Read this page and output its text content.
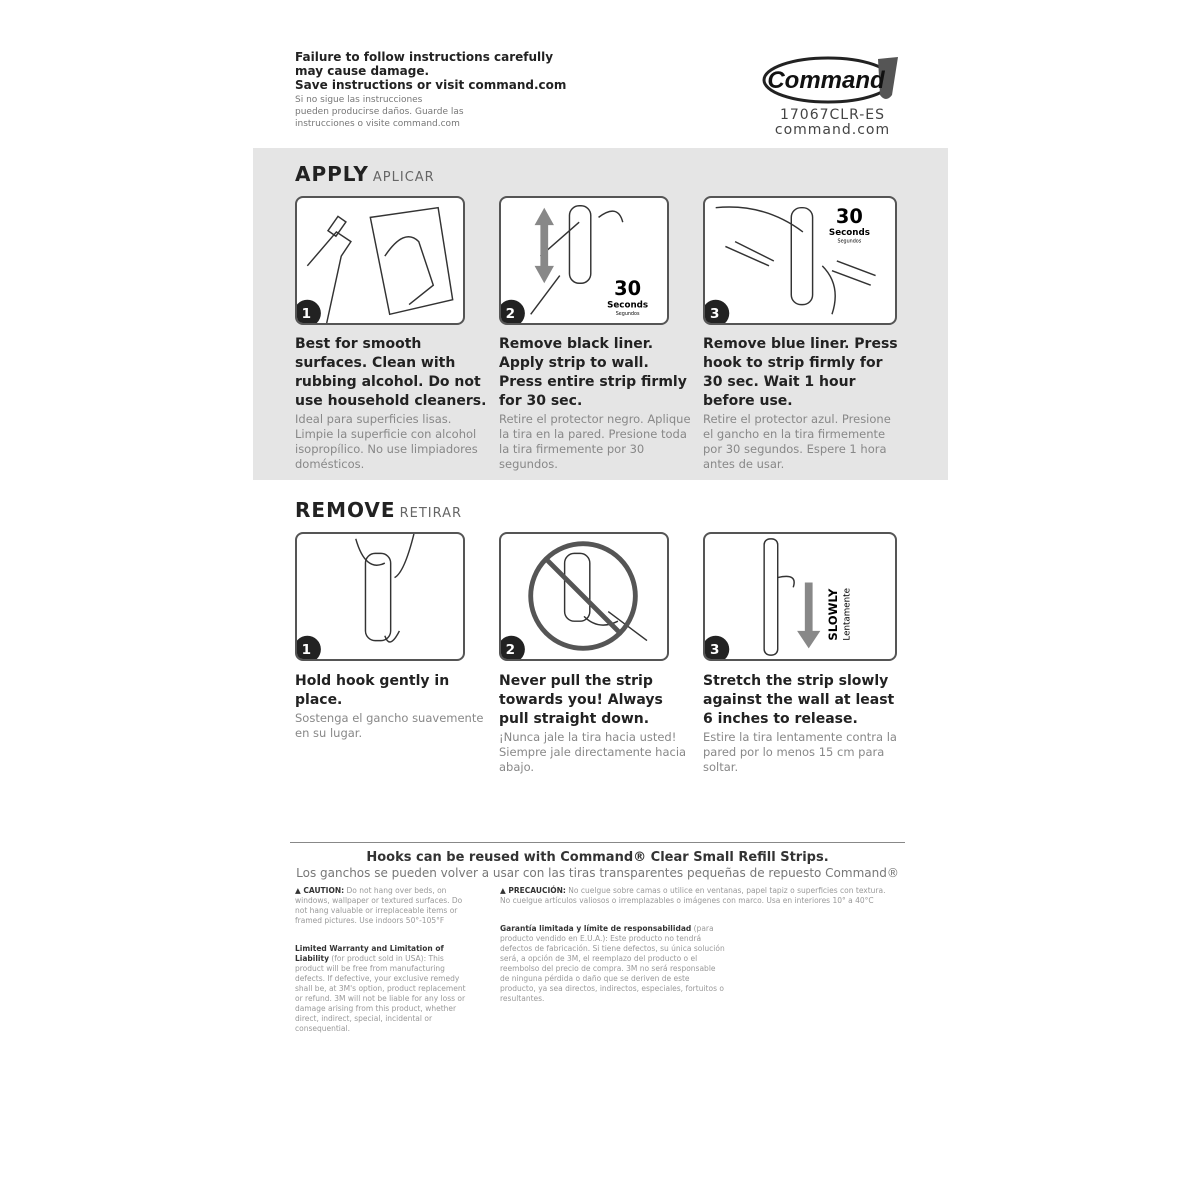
Failure to follow instructions carefully
may cause damage.
Save instructions or visit command.com
Si no sigue las instrucciones
pueden producirse daños. Guarde las
instrucciones o visite command.com
Command
17067CLR-ES
command.com
APPLY APLICAR
1
30
Seconds
Segundos
2
30
Seconds
Segundos
3
Best for smooth surfaces. Clean with rubbing alcohol. Do not use household cleaners.
Ideal para superficies lisas. Limpie la superficie con alcohol isopropílico. No use limpiadores domésticos.
Remove black liner. Apply strip to wall. Press entire strip firmly for 30 sec.
Retire el protector negro. Aplique la tira en la pared. Presione toda la tira firmemente por 30 segundos.
Remove blue liner. Press hook to strip firmly for 30 sec. Wait 1 hour before use.
Retire el protector azul. Presione el gancho en la tira firmemente por 30 segundos. Espere 1 hora antes de usar.
REMOVE RETIRAR
1	2
SLOWLY Lentamente
3
Hold hook gently in place.
Sostenga el gancho suavemente en su lugar.
Never pull the strip towards you! Always pull straight down.
¡Nunca jale la tira hacia usted! Siempre jale directamente hacia abajo.
Stretch the strip slowly against the wall at least 6 inches to release.
Estire la tira lentamente contra la pared por lo menos 15 cm para soltar.
Hooks can be reused with Command® Clear Small Refill Strips.
Los ganchos se pueden volver a usar con las tiras transparentes pequeñas de repuesto Command®
▲ CAUTION: Do not hang over beds, on windows, wallpaper or textured surfaces. Do not hang valuable or irreplaceable items or framed pictures. Use indoors 50°-105°F
Limited Warranty and Limitation of Liability (for product sold in USA): This product will be free from manufacturing defects. If defective, your exclusive remedy shall be, at 3M's option, product replacement or refund. 3M will not be liable for any loss or damage arising from this product, whether direct, indirect, special, incidental or consequential.
▲ PRECAUCIÓN: No cuelgue sobre camas o utilice en ventanas, papel tapiz o superficies con textura. No cuelgue artículos valiosos o irremplazables o imágenes con marco. Usa en interiores 10° a 40°C
Garantía limitada y límite de responsabilidad (para producto vendido en E.U.A.): Este producto no tendrá defectos de fabricación. Si tiene defectos, su única solución será, a opción de 3M, el reemplazo del producto o el reembolso del precio de compra. 3M no será responsable de ninguna pérdida o daño que se deriven de este producto, ya sea directos, indirectos, especiales, fortuitos o resultantes.
